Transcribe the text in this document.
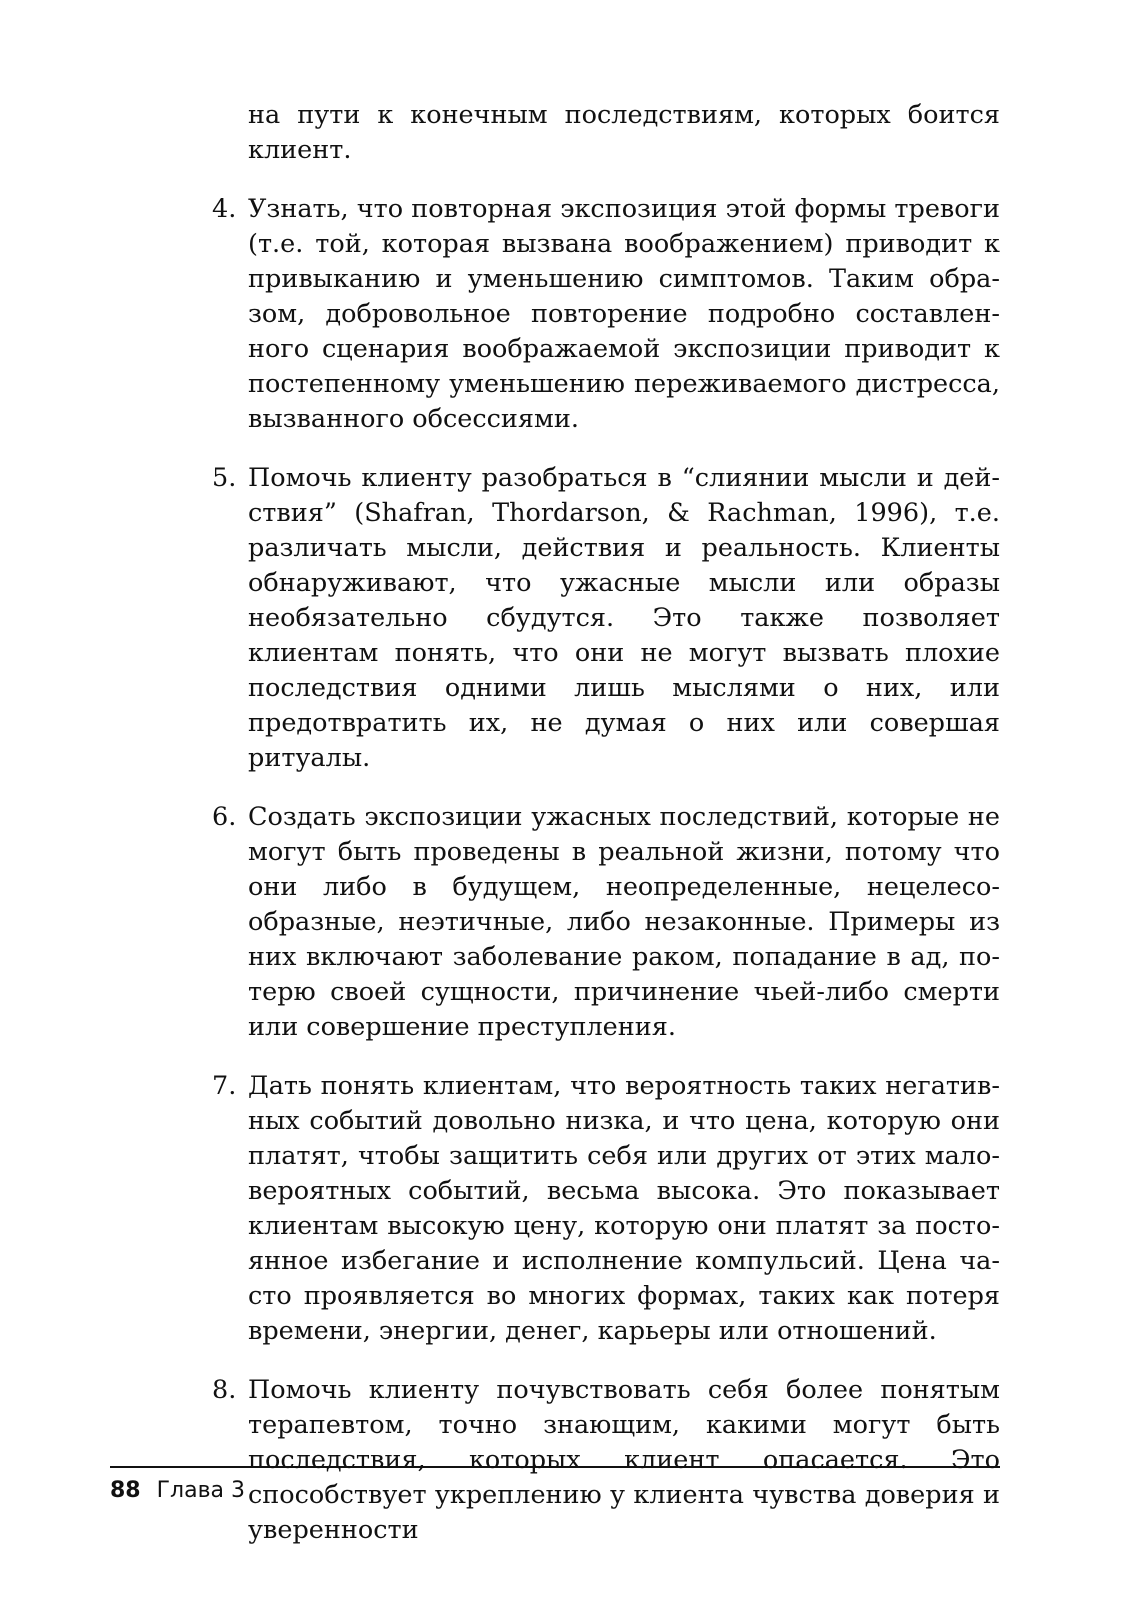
на пути к конечным последствиям, которых боится клиент.

4. Узнать, что повторная экспозиция этой формы тревоги (т.е. той, которая вызвана воображением) приводит к привыканию и уменьшению симптомов. Таким образом, добровольное повторение подробно составленного сценария воображаемой экспозиции приводит к постепенному уменьшению переживаемого дистресса, вызванного обсессиями.

5. Помочь клиенту разобраться в “слиянии мысли и действия” (Shafran, Thordarson, & Rachman, 1996), т.е. различать мысли, действия и реальность. Клиенты обнаруживают, что ужасные мысли или образы необязательно сбудутся. Это также позволяет клиентам понять, что они не могут вызвать плохие последствия одними лишь мыслями о них, или предотвратить их, не думая о них или совершая ритуалы.

6. Создать экспозиции ужасных последствий, которые не могут быть проведены в реальной жизни, потому что они либо в будущем, неопределенные, нецелесообразные, неэтичные, либо незаконные. Примеры из них включают заболевание раком, попадание в ад, потерю своей сущности, причинение чьей-либо смерти или совершение преступления.

7. Дать понять клиентам, что вероятность таких негативных событий довольно низка, и что цена, которую они платят, чтобы защитить себя или других от этих маловероятных событий, весьма высока. Это показывает клиентам высокую цену, которую они платят за постоянное избегание и исполнение компульсий. Цена часто проявляется во многих формах, таких как потеря времени, энергии, денег, карьеры или отношений.

8. Помочь клиенту почувствовать себя более понятым терапевтом, точно знающим, какими могут быть последствия, которых клиент опасается. Это способствует укреплению у клиента чувства доверия и уверенности

88 Глава 3
